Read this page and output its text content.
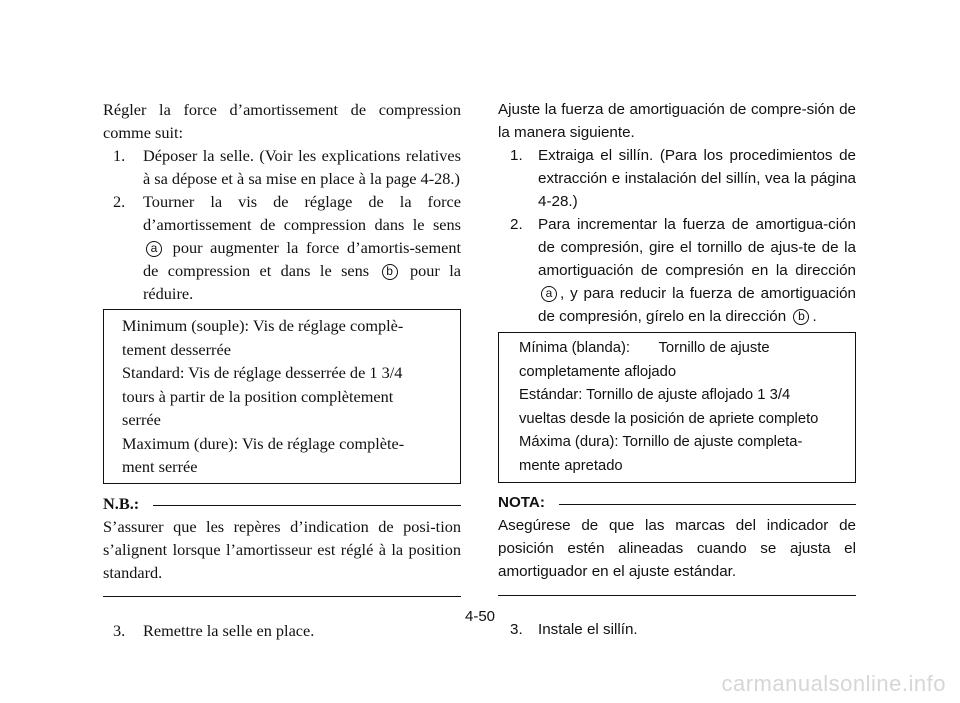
Régler la force d’amortissement de compression comme suit:

1.	Déposer la selle. (Voir les explications relatives à sa dépose et à sa mise en place à la page 4-28.)
2.	Tourner la vis de réglage de la force d’amortissement de compression dans le sens a pour augmenter la force d’amortis-sement de compression et dans le sens b pour la réduire.
Minimum (souple): Vis de réglage complè-
tement desserrée
Standard: Vis de réglage desserrée de 1 3/4
tours à partir de la position complètement
serrée
Maximum (dure): Vis de réglage complète-
ment serrée
N.B.:

S’assurer que les repères d’indication de posi-tion s’alignent lorsque l’amortisseur est réglé à la position standard.

3.	Remettre la selle en place.

Ajuste la fuerza de amortiguación de compre-sión de la manera siguiente.

1.	Extraiga el sillín. (Para los procedimientos de extracción e instalación del sillín, vea la página 4-28.)
2.	Para incrementar la fuerza de amortigua-ción de compresión, gire el tornillo de ajus-te de la amortiguación de compresión en la dirección a , y para reducir la fuerza de amortiguación de compresión, gírelo en la dirección b .
Mínima (blanda):       Tornillo de ajuste
completamente aflojado
Estándar: Tornillo de ajuste aflojado 1 3/4
vueltas desde la posición de apriete completo
Máxima (dura): Tornillo de ajuste completa-
mente apretado
NOTA:

Asegúrese de que las marcas del indicador de posición estén alineadas cuando se ajusta el amortiguador en el ajuste estándar.

3.	Instale el sillín.
4-50
carmanualsonline.info
